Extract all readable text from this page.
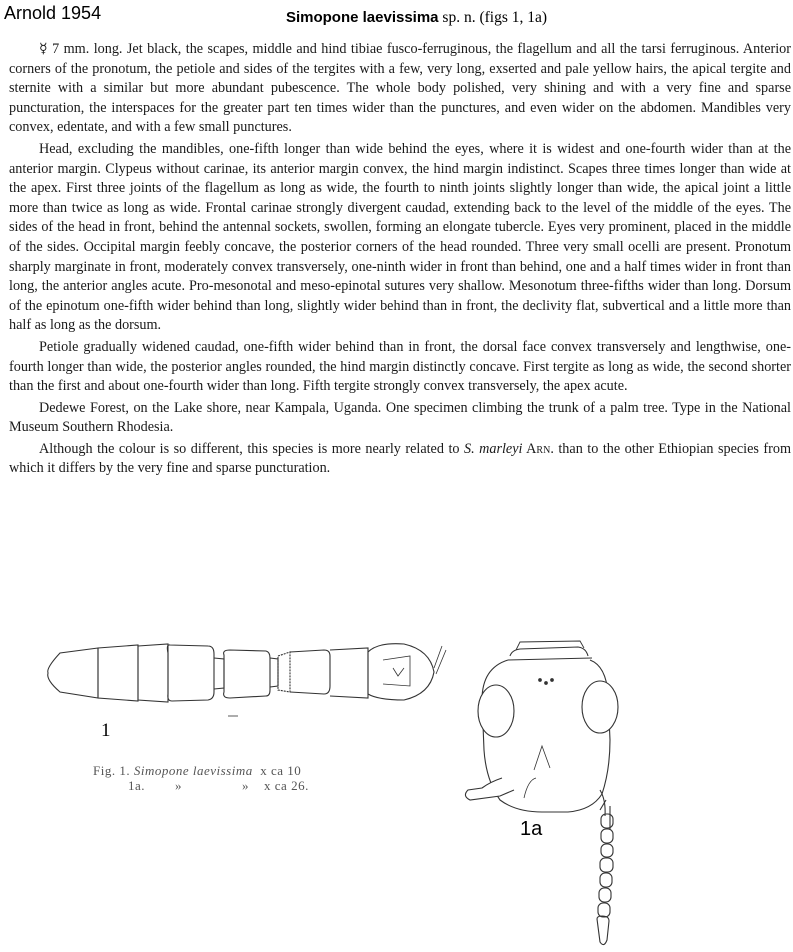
Arnold 1954	Simopone laevissima sp. n. (figs 1, 1a)

☿ 7 mm. long. Jet black, the scapes, middle and hind tibiae fusco-ferruginous, the flagellum and all the tarsi ferruginous. Anterior corners of the pronotum, the petiole and sides of the tergites with a few, very long, exserted and pale yellow hairs, the apical tergite and sternite with a similar but more abundant pubescence. The whole body polished, very shining and with a very fine and sparse puncturation, the interspaces for the greater part ten times wider than the punctures, and even wider on the abdomen. Mandibles very convex, edentate, and with a few small punctures.

Head, excluding the mandibles, one-fifth longer than wide behind the eyes, where it is widest and one-fourth wider than at the anterior margin. Clypeus without carinae, its anterior margin convex, the hind margin indistinct. Scapes three times longer than wide at the apex. First three joints of the flagellum as long as wide, the fourth to ninth joints slightly longer than wide, the apical joint a little more than twice as long as wide. Frontal carinae strongly divergent caudad, extending back to the level of the middle of the eyes. The sides of the head in front, behind the antennal sockets, swollen, forming an elongate tubercle. Eyes very prominent, placed in the middle of the sides. Occipital margin feebly concave, the posterior corners of the head rounded. Three very small ocelli are present. Pronotum sharply marginate in front, moderately convex transversely, one-ninth wider in front than behind, one and a half times wider in front than long, the anterior angles acute. Pro-mesonotal and meso-epinotal sutures very shallow. Mesonotum three-fifths wider than long. Dorsum of the epinotum one-fifth wider behind than long, slightly wider behind than in front, the declivity flat, subvertical and a little more than half as long as the dorsum.

Petiole gradually widened caudad, one-fifth wider behind than in front, the dorsal face convex transversely and lengthwise, one-fourth longer than wide, the posterior angles rounded, the hind margin distinctly concave. First tergite as long as wide, the second shorter than the first and about one-fourth wider than long. Fifth tergite strongly convex transversely, the apex acute.

Dedewe Forest, on the Lake shore, near Kampala, Uganda. One specimen climbing the trunk of a palm tree. Type in the National Museum Southern Rhodesia.

Although the colour is so different, this species is more nearly related to S. marleyi Arn. than to the other Ethiopian species from which it differs by the very fine and sparse puncturation.

1
Fig. 1. Simopone laevissima x ca 10
1a. »	» x ca 26.
1a
